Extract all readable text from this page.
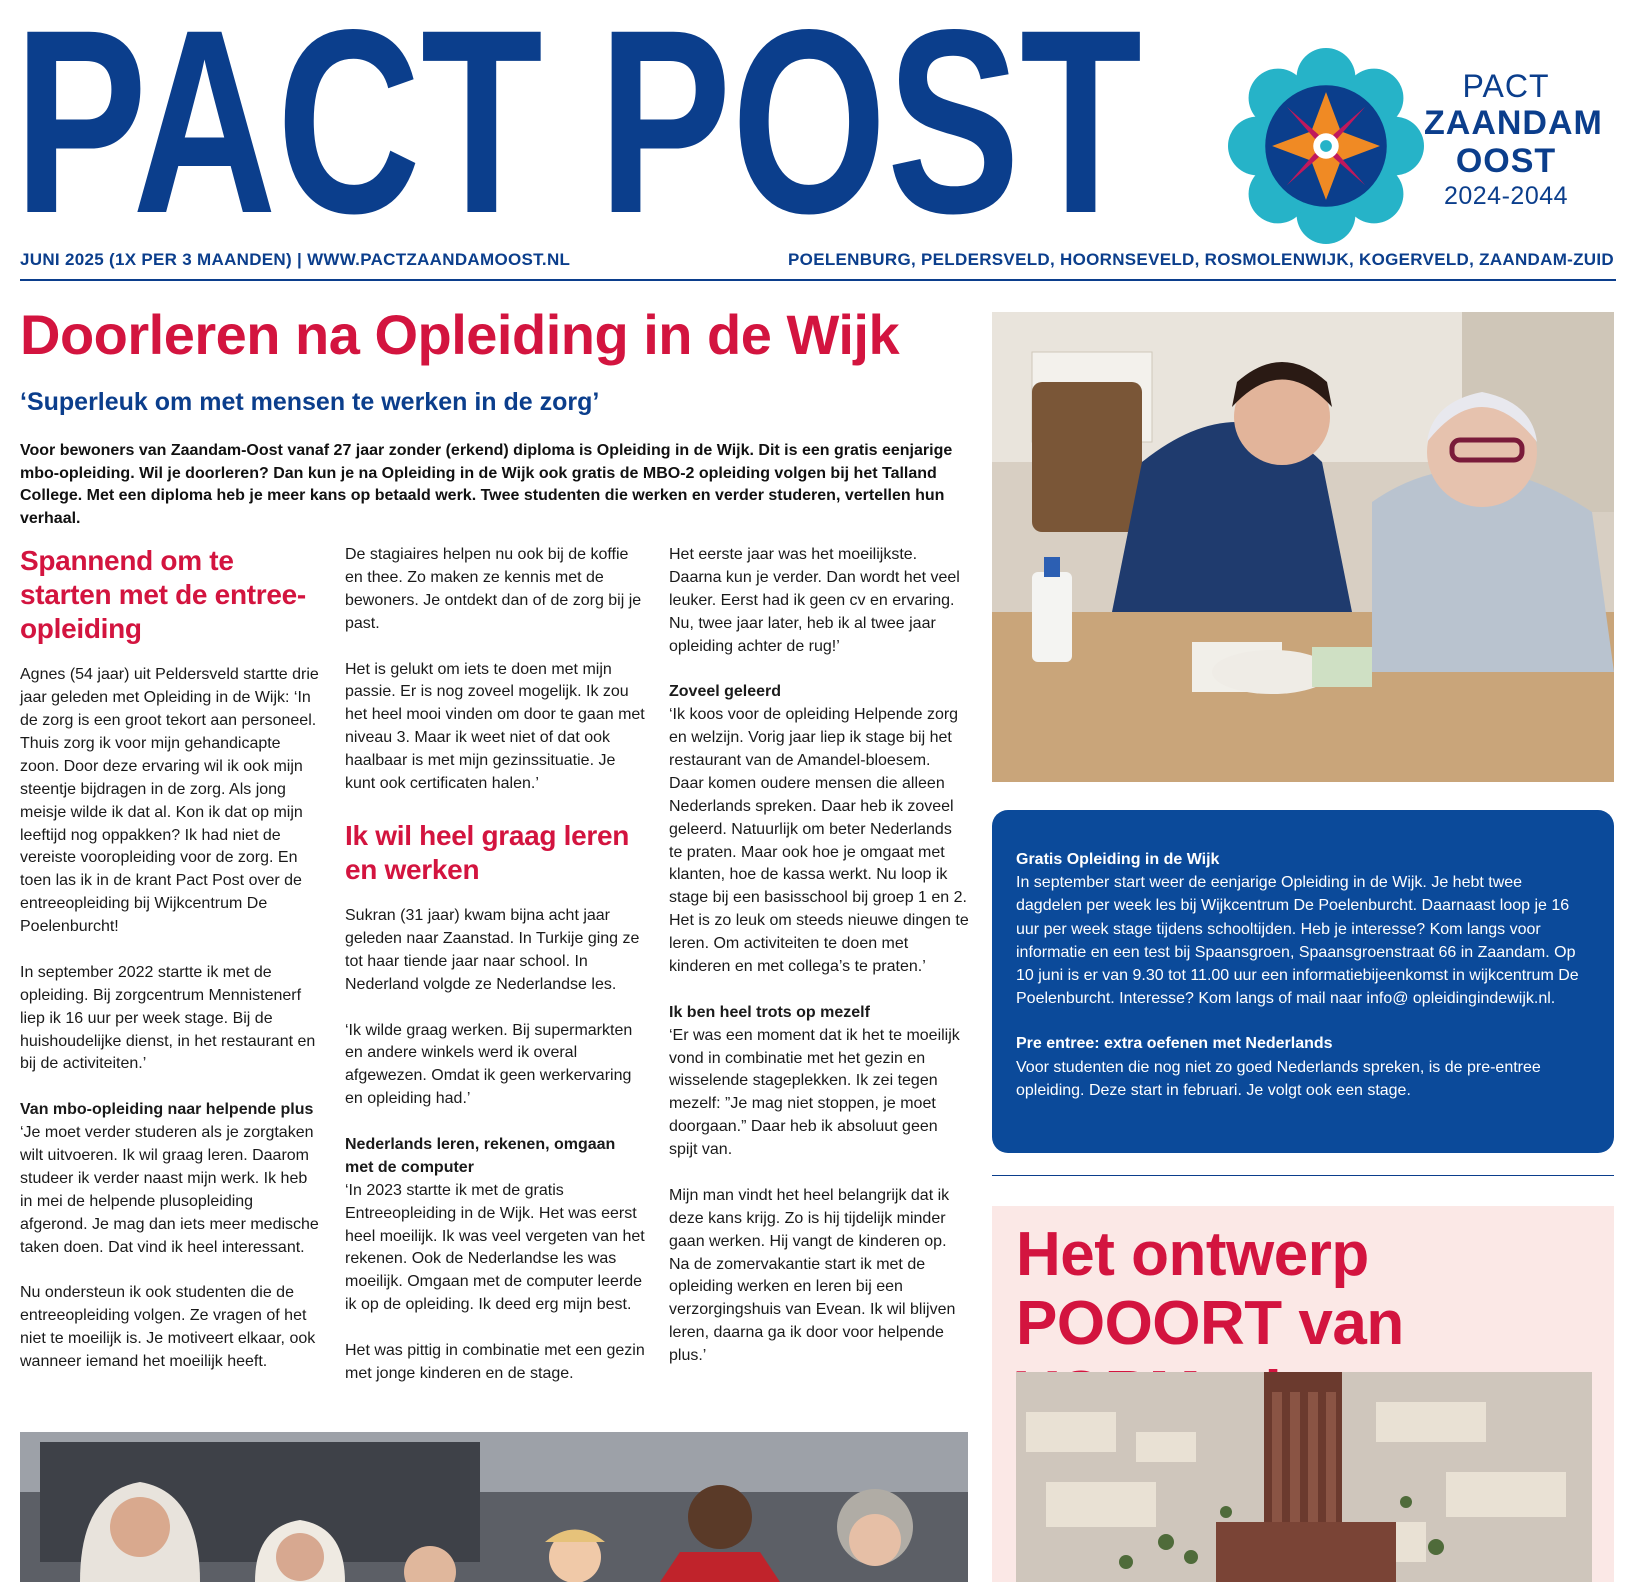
PACT POST	PACT
ZAANDAM
OOST
2024-2044
JUNI 2025 (1X PER 3 MAANDEN) | WWW.PACTZAANDAMOOST.NL	POELENBURG, PELDERSVELD, HOORNSEVELD, ROSMOLENWIJK, KOGERVELD, ZAANDAM-ZUID
Doorleren na Opleiding in de Wijk
‘Superleuk om met mensen te werken in de zorg’

Voor bewoners van Zaandam-Oost vanaf 27 jaar zonder (erkend) diploma is Opleiding in de Wijk. Dit is een gratis eenjarige mbo-opleiding. Wil je doorleren? Dan kun je na Opleiding in de Wijk ook gratis de MBO-2 opleiding volgen bij het Talland College. Met een diploma heb je meer kans op betaald werk. Twee studenten die werken en verder studeren, vertellen hun verhaal.

Spannend om te starten met de entree-opleiding

Agnes (54 jaar) uit Peldersveld startte drie jaar geleden met Opleiding in de Wijk: ‘In de zorg is een groot tekort aan personeel. Thuis zorg ik voor mijn gehandicapte zoon. Door deze ervaring wil ik ook mijn steentje bijdragen in de zorg. Als jong meisje wilde ik dat al. Kon ik dat op mijn leeftijd nog oppakken? Ik had niet de vereiste vooropleiding voor de zorg. En toen las ik in de krant Pact Post over de entreeopleiding bij Wijkcentrum De Poelenburcht!

In september 2022 startte ik met de opleiding. Bij zorgcentrum Mennistenerf liep ik 16 uur per week stage. Bij de huishoudelijke dienst, in het restaurant en bij de activiteiten.’

Van mbo-opleiding naar helpende plus

‘Je moet verder studeren als je zorgtaken wilt uitvoeren. Ik wil graag leren. Daarom studeer ik verder naast mijn werk. Ik heb in mei de helpende plusopleiding afgerond. Je mag dan iets meer medische taken doen. Dat vind ik heel interessant.

Nu ondersteun ik ook studenten die de entreeopleiding volgen. Ze vragen of het niet te moeilijk is. Je motiveert elkaar, ook wanneer iemand het moeilijk heeft.

De stagiaires helpen nu ook bij de koffie en thee. Zo maken ze kennis met de bewoners. Je ontdekt dan of de zorg bij je past.

Het is gelukt om iets te doen met mijn passie. Er is nog zoveel mogelijk. Ik zou het heel mooi vinden om door te gaan met niveau 3. Maar ik weet niet of dat ook haalbaar is met mijn gezinssituatie. Je kunt ook certificaten halen.’

Ik wil heel graag leren en werken

Sukran (31 jaar) kwam bijna acht jaar geleden naar Zaanstad. In Turkije ging ze tot haar tiende jaar naar school. In Nederland volgde ze Nederlandse les.

‘Ik wilde graag werken. Bij supermarkten en andere winkels werd ik overal afgewezen. Omdat ik geen werkervaring en opleiding had.’

Nederlands leren, rekenen, omgaan met de computer

‘In 2023 startte ik met de gratis Entreeopleiding in de Wijk. Het was eerst heel moeilijk. Ik was veel vergeten van het rekenen. Ook de Nederlandse les was moeilijk. Omgaan met de computer leerde ik op de opleiding. Ik deed erg mijn best.

Het was pittig in combinatie met een gezin met jonge kinderen en de stage.

Het eerste jaar was het moeilijkste. Daarna kun je verder. Dan wordt het veel leuker. Eerst had ik geen cv en ervaring. Nu, twee jaar later, heb ik al twee jaar opleiding achter de rug!’

Zoveel geleerd

‘Ik koos voor de opleiding Helpende zorg en welzijn. Vorig jaar liep ik stage bij het restaurant van de Amandel-bloesem. Daar komen oudere mensen die alleen Nederlands spreken. Daar heb ik zoveel geleerd. Natuurlijk om beter Nederlands te praten. Maar ook hoe je omgaat met klanten, hoe de kassa werkt. Nu loop ik stage bij een basisschool bij groep 1 en 2. Het is zo leuk om steeds nieuwe dingen te leren. Om activiteiten te doen met kinderen en met collega’s te praten.’

Ik ben heel trots op mezelf

‘Er was een moment dat ik het te moeilijk vond in combinatie met het gezin en wisselende stageplekken. Ik zei tegen mezelf: ”Je mag niet stoppen, je moet doorgaan.” Daar heb ik absoluut geen spijt van.

Mijn man vindt het heel belangrijk dat ik deze kans krijg. Zo is hij tijdelijk minder gaan werken. Hij vangt de kinderen op. Na de zomervakantie start ik met de opleiding werken en leren bij een verzorgingshuis van Evean. Ik wil blijven leren, daarna ga ik door voor helpende plus.’

Gratis Opleiding in de Wijk

In september start weer de eenjarige Opleiding in de Wijk. Je hebt twee dagdelen per week les bij Wijkcentrum De Poelenburcht. Daarnaast loop je 16 uur per week stage tijdens schooltijden. Heb je interesse? Kom langs voor informatie en een test bij Spaansgroen, Spaansgroenstraat 66 in Zaandam. Op 10 juni is er van 9.30 tot 11.00 uur een informatiebijeenkomst in wijkcentrum De Poelenburcht. Interesse? Kom langs of mail naar info@ opleidingindewijk.nl.

Pre entree: extra oefenen met Nederlands

Voor studenten die nog niet zo goed Nederlands spreken, is de pre-entree opleiding. Deze start in februari. Je volgt ook een stage.

Het ontwerp POOORT van
